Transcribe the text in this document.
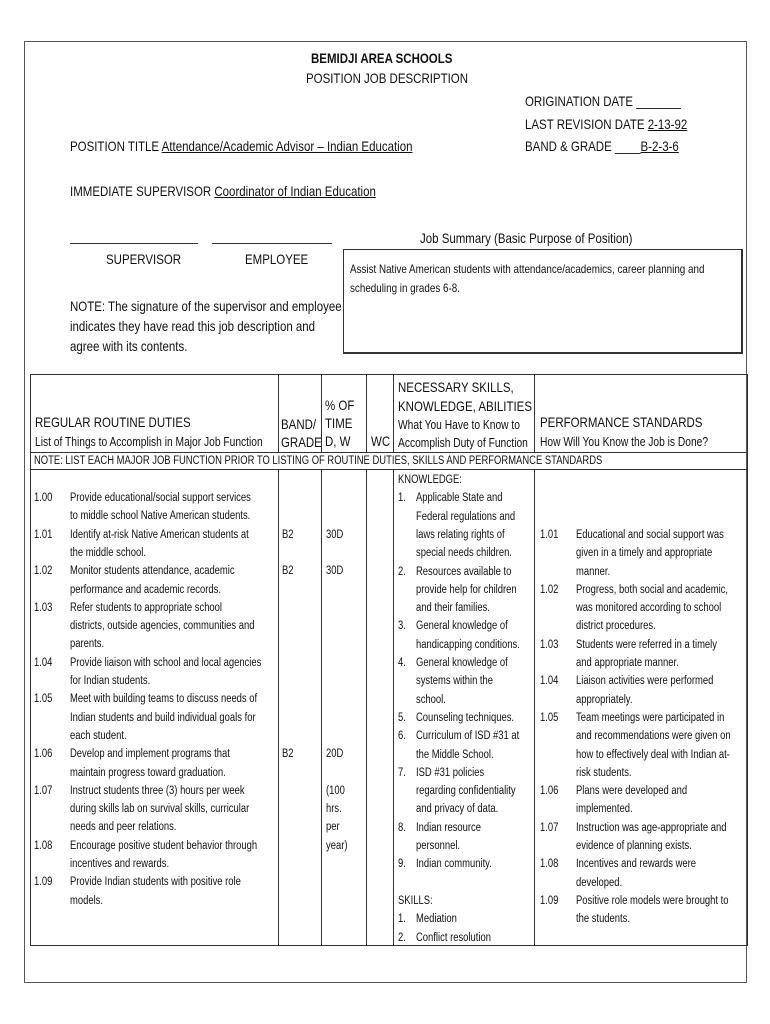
BEMIDJI AREA SCHOOLS
POSITION JOB DESCRIPTION
ORIGINATION DATE _______
LAST REVISION DATE 2-13-92
BAND & GRADE ____B-2-3-6
POSITION TITLE Attendance/Academic Advisor – Indian Education
IMMEDIATE SUPERVISOR Coordinator of Indian Education
SUPERVISOR	EMPLOYEE
NOTE: The signature of the supervisor and employee
indicates they have read this job description and
agree with its contents.
Job Summary (Basic Purpose of Position)
Assist Native American students with attendance/academics, career planning and
scheduling in grades 6-8.
REGULAR ROUTINE DUTIES
List of Things to Accomplish in Major Job Function
BAND/
GRADE
% OF
TIME
D, W WC
NECESSARY SKILLS,
KNOWLEDGE, ABILITIES
What You Have to Know to
Accomplish Duty of Function
PERFORMANCE STANDARDS
How Will You Know the Job is Done?
NOTE: LIST EACH MAJOR JOB FUNCTION PRIOR TO LISTING OF ROUTINE DUTIES, SKILLS AND PERFORMANCE STANDARDS
1.00
1.01
1.02
1.03
1.04
1.05
1.06
1.07
1.08
1.09
Provide educational/social support services
to middle school Native American students.
Identify at-risk Native American students at
the middle school.
Monitor students attendance, academic
performance and academic records.
Refer students to appropriate school
districts, outside agencies, communities and
parents.
Provide liaison with school and local agencies
for Indian students.
Meet with building teams to discuss needs of
Indian students and build individual goals for
each student.
Develop and implement programs that
maintain progress toward graduation.
Instruct students three (3) hours per week
during skills lab on survival skills, curricular
needs and peer relations.
Encourage positive student behavior through
incentives and rewards.
Provide Indian students with positive role
models.
B2
B2
B2
30D
30D
20D
(100
hrs.
per
year)
1.
2.
3.
4.
5.
6.
7.
8.
9.
1.
2.
KNOWLEDGE:
Applicable State and
Federal regulations and
laws relating rights of
special needs children.
Resources available to
provide help for children
and their families.
General knowledge of
handicapping conditions.
General knowledge of
systems within the
school.
Counseling techniques.
Curriculum of ISD #31 at
the Middle School.
ISD #31 policies
regarding confidentiality
and privacy of data.
Indian resource
personnel.
Indian community.
SKILLS:
Mediation
Conflict resolution
1.01
1.02
1.03
1.04
1.05
1.06
1.07
1.08
1.09
Educational and social support was
given in a timely and appropriate
manner.
Progress, both social and academic,
was monitored according to school
district procedures.
Students were referred in a timely
and appropriate manner.
Liaison activities were performed
appropriately.
Team meetings were participated in
and recommendations were given on
how to effectively deal with Indian at-
risk students.
Plans were developed and
implemented.
Instruction was age-appropriate and
evidence of planning exists.
Incentives and rewards were
developed.
Positive role models were brought to
the students.
